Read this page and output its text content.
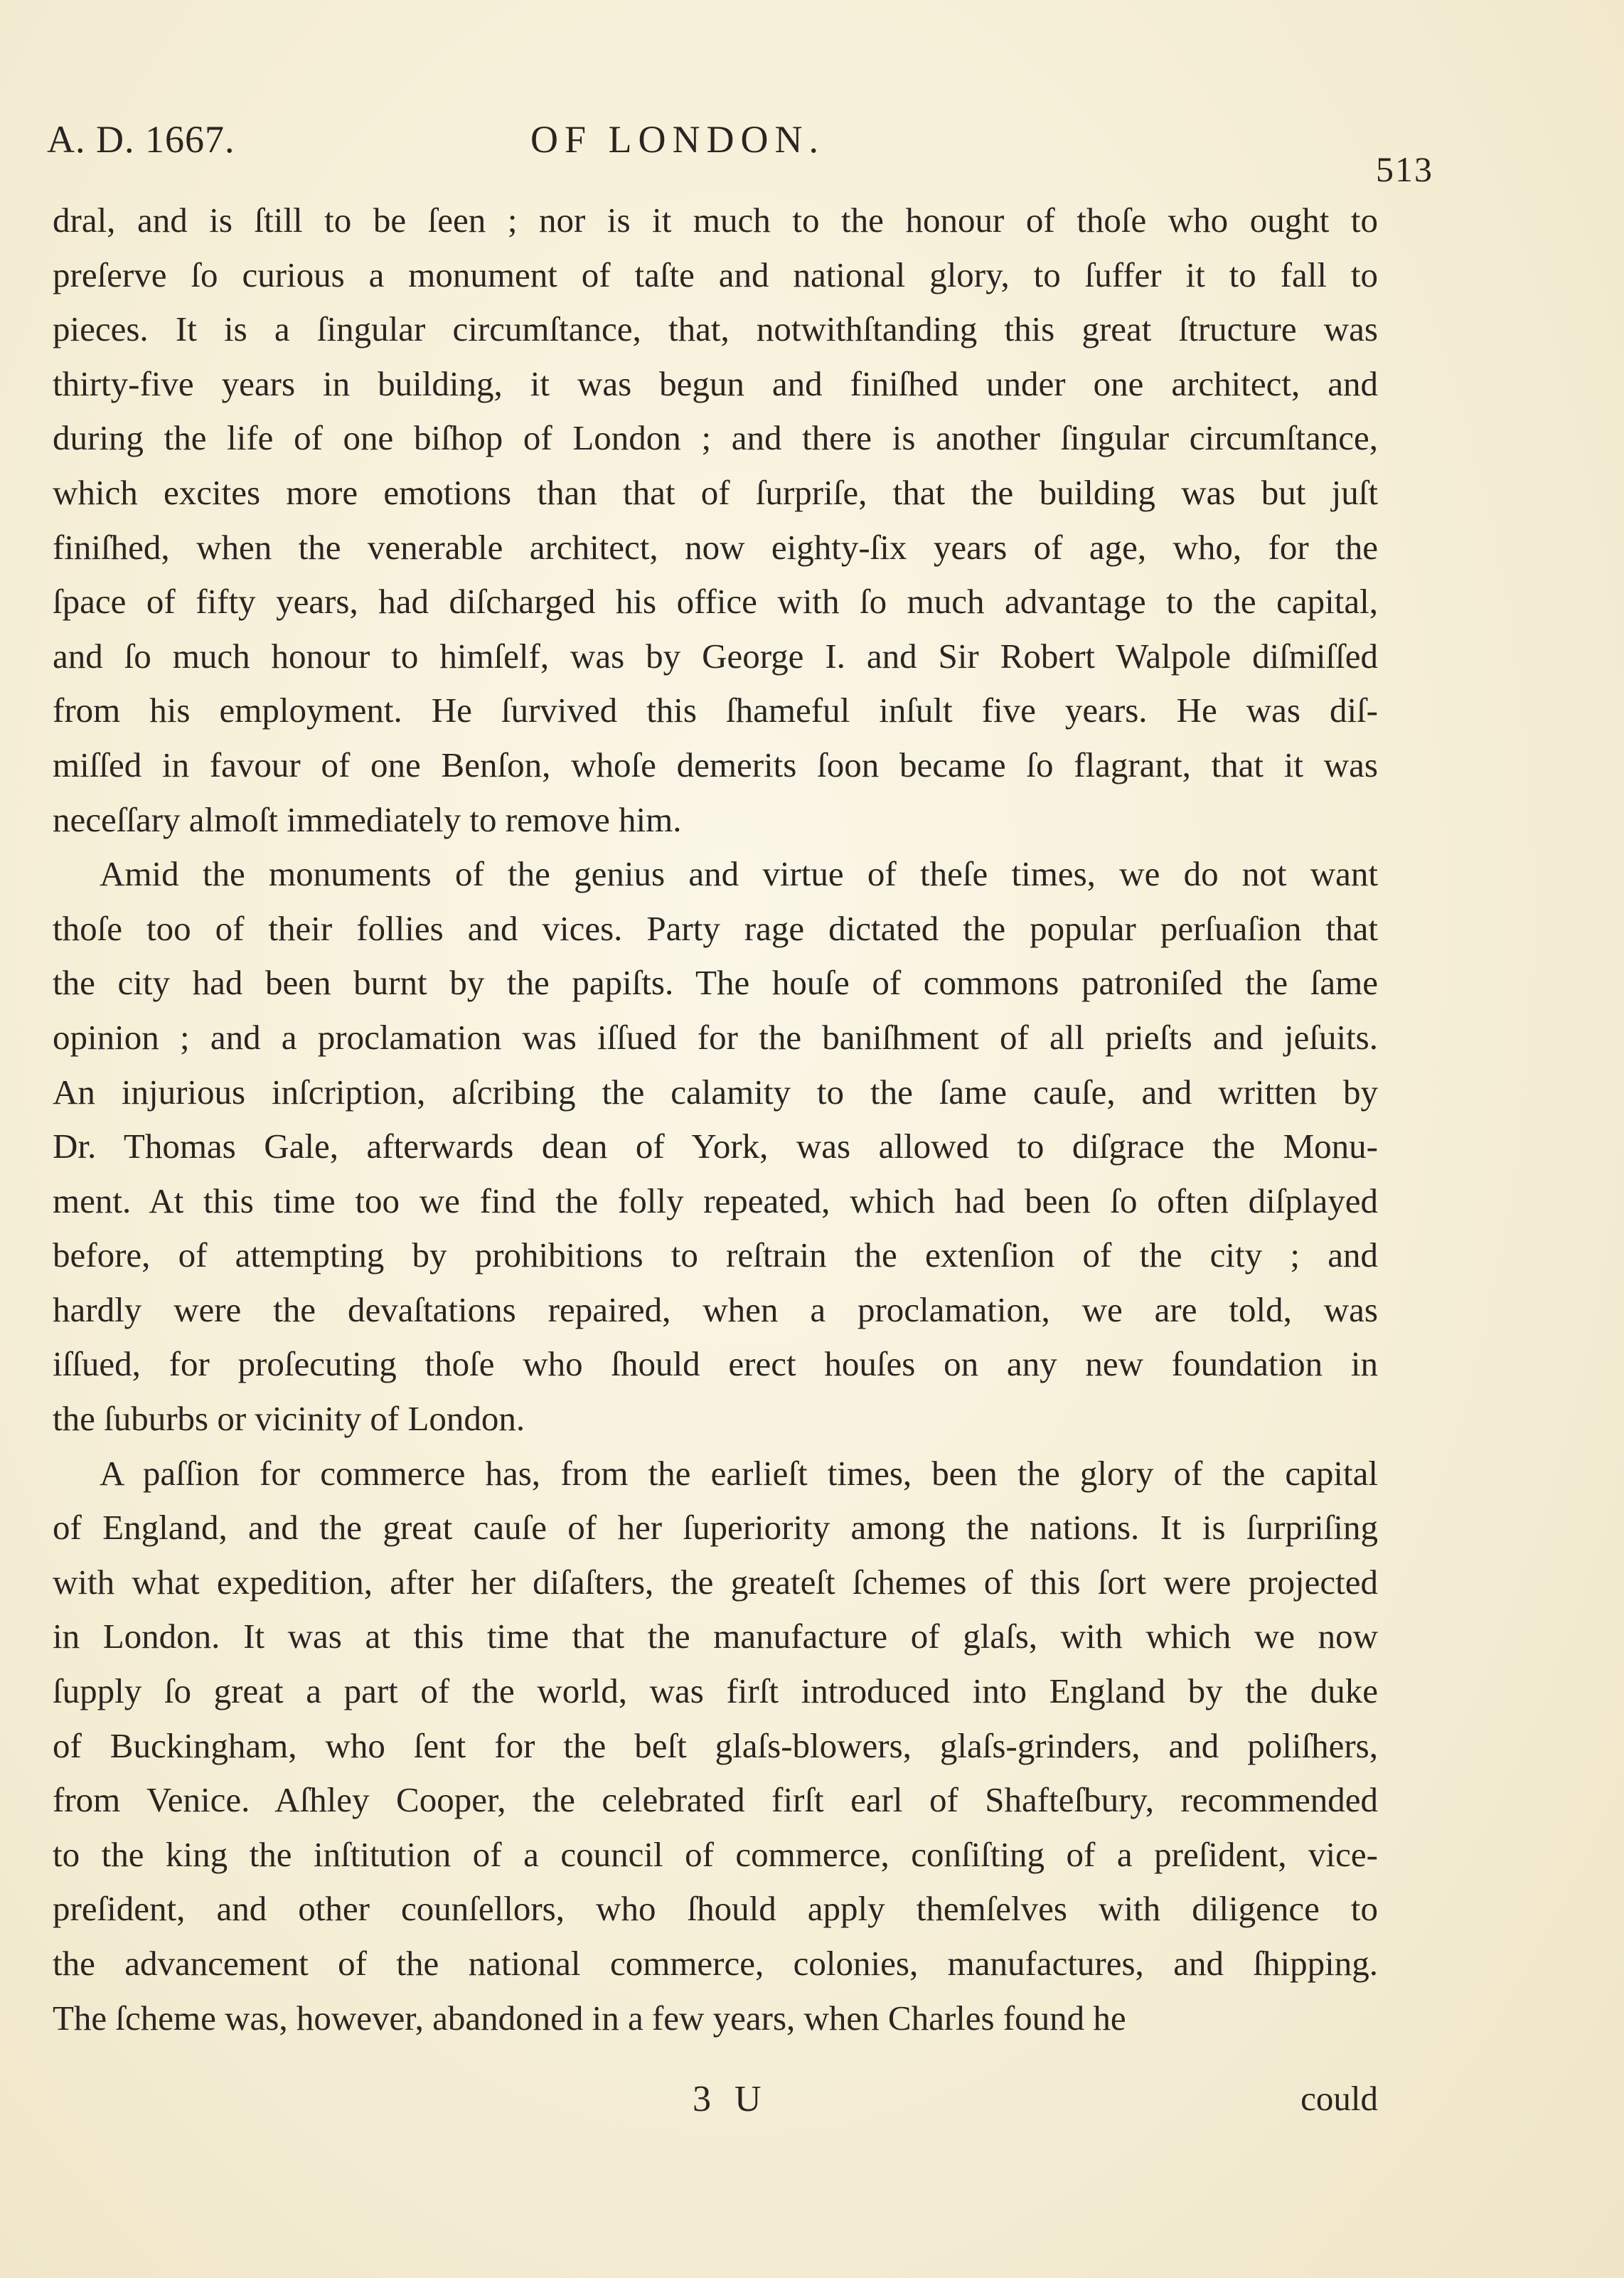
A. D. 1667.	OF LONDON.
513
dral, and is ſtill to be ſeen ; nor is it much to the honour of thoſe who ought to
preſerve ſo curious a monument of taſte and national glory, to ſuffer it to fall to
pieces. It is a ſingular circumſtance, that, notwithſtanding this great ſtructure was
thirty-five years in building, it was begun and finiſhed under one architect, and
during the life of one biſhop of London ; and there is another ſingular circumſtance,
which excites more emotions than that of ſurpriſe, that the building was but juſt
finiſhed, when the venerable architect, now eighty-ſix years of age, who, for the
ſpace of fifty years, had diſcharged his office with ſo much advantage to the capital,
and ſo much honour to himſelf, was by George I. and Sir Robert Walpole diſmiſſed
from his employment. He ſurvived this ſhameful inſult five years. He was diſ-
miſſed in favour of one Benſon, whoſe demerits ſoon became ſo flagrant, that it was
neceſſary almoſt immediately to remove him.
Amid the monuments of the genius and virtue of theſe times, we do not want
thoſe too of their follies and vices. Party rage dictated the popular perſuaſion that
the city had been burnt by the papiſts. The houſe of commons patroniſed the ſame
opinion ; and a proclamation was iſſued for the baniſhment of all prieſts and jeſuits.
An injurious inſcription, aſcribing the calamity to the ſame cauſe, and written by
Dr. Thomas Gale, afterwards dean of York, was allowed to diſgrace the Monu-
ment. At this time too we find the folly repeated, which had been ſo often diſplayed
before, of attempting by prohibitions to reſtrain the extenſion of the city ; and
hardly were the devaſtations repaired, when a proclamation, we are told, was
iſſued, for proſecuting thoſe who ſhould erect houſes on any new foundation in
the ſuburbs or vicinity of London.
A paſſion for commerce has, from the earlieſt times, been the glory of the capital
of England, and the great cauſe of her ſuperiority among the nations. It is ſurpriſing
with what expedition, after her diſaſters, the greateſt ſchemes of this ſort were projected
in London. It was at this time that the manufacture of glaſs, with which we now
ſupply ſo great a part of the world, was firſt introduced into England by the duke
of Buckingham, who ſent for the beſt glaſs-blowers, glaſs-grinders, and poliſhers,
from Venice. Aſhley Cooper, the celebrated firſt earl of Shafteſbury, recommended
to the king the inſtitution of a council of commerce, conſiſting of a preſident, vice-
preſident, and other counſellors, who ſhould apply themſelves with diligence to
the advancement of the national commerce, colonies, manufactures, and ſhipping.
The ſcheme was, however, abandoned in a few years, when Charles found he
3 U	could
